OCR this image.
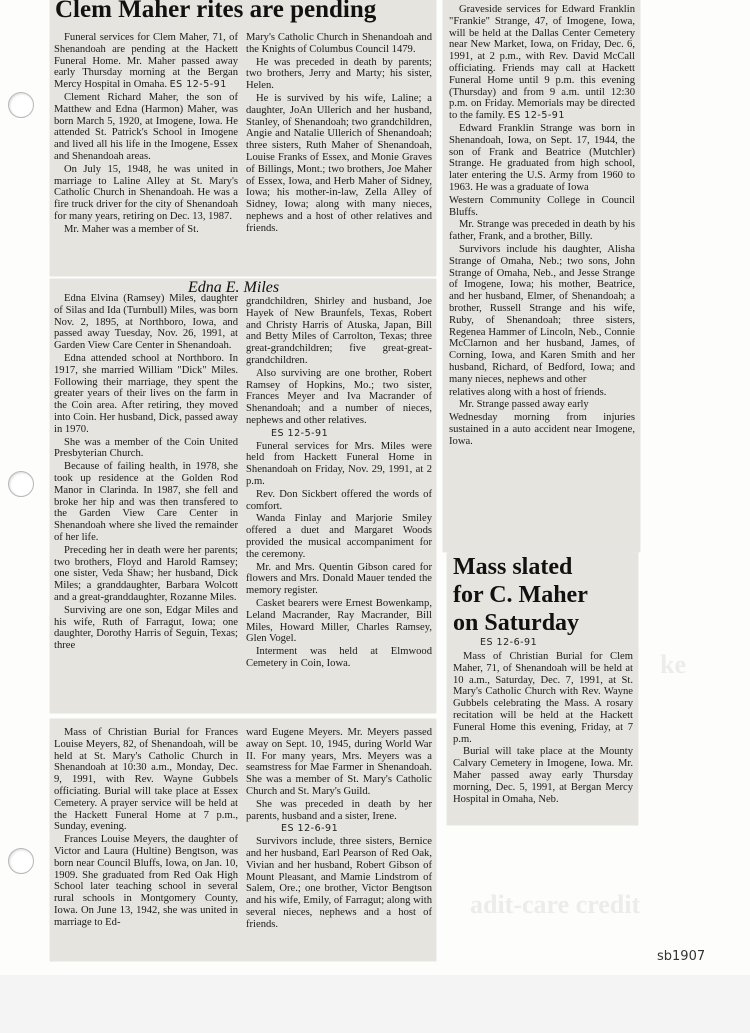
ke
adit-care credit
Clem Maher rites are pending

Funeral services for Clem Maher, 71, of Shenandoah are pending at the Hackett Funeral Home. Mr. Maher passed away early Thursday morning at the Bergan Mercy Hospital in Omaha. ES 12-5-91

Clement Richard Maher, the son of Matthew and Edna (Harmon) Maher, was born March 5, 1920, at Imogene, Iowa. He attended St. Patrick's School in Imogene and lived all his life in the Imogene, Essex and Shenandoah areas.

On July 15, 1948, he was united in marriage to Laline Alley at St. Mary's Catholic Church in Shenandoah. He was a fire truck driver for the city of Shenandoah for many years, retiring on Dec. 13, 1987.

Mr. Maher was a member of St.

Mary's Catholic Church in Shenandoah and the Knights of Columbus Council 1479.

He was preceded in death by parents; two brothers, Jerry and Marty; his sister, Helen.

He is survived by his wife, Laline; a daughter, JoAn Ullerich and her husband, Stanley, of Shenandoah; two grandchildren, Angie and Natalie Ullerich of Shenandoah; three sisters, Ruth Maher of Shenandoah, Louise Franks of Essex, and Monie Graves of Billings, Mont.; two brothers, Joe Maher of Essex, Iowa, and Herb Maher of Sidney, Iowa; his mother-in-law, Zella Alley of Sidney, Iowa; along with many nieces, nephews and a host of other relatives and friends.

Graveside services for Edward Franklin "Frankie" Strange, 47, of Imogene, Iowa, will be held at the Dallas Center Cemetery near New Market, Iowa, on Friday, Dec. 6, 1991, at 2 p.m., with Rev. David McCall officiating. Friends may call at Hackett Funeral Home until 9 p.m. this evening (Thursday) and from 9 a.m. until 12:30 p.m. on Friday. Memorials may be directed to the family. ES 12-5-91

Edward Franklin Strange was born in Shenandoah, Iowa, on Sept. 17, 1944, the son of Frank and Beatrice (Mutchler) Strange. He graduated from high school, later entering the U.S. Army from 1960 to 1963. He was a graduate of Iowa

Western Community College in Council Bluffs.

Mr. Strange was preceded in death by his father, Frank, and a brother, Billy.

Survivors include his daughter, Alisha Strange of Omaha, Neb.; two sons, John Strange of Omaha, Neb., and Jesse Strange of Imogene, Iowa; his mother, Beatrice, and her husband, Elmer, of Shenandoah; a brother, Russell Strange and his wife, Ruby, of Shenandoah; three sisters, Regenea Hammer of Lincoln, Neb., Connie McClarnon and her husband, James, of Corning, Iowa, and Karen Smith and her husband, Richard, of Bedford, Iowa; and many nieces, nephews and other

relatives along with a host of friends.

Mr. Strange passed away early

Wednesday morning from injuries sustained in a auto accident near Imogene, Iowa.

Edna E. Miles

Edna Elvina (Ramsey) Miles, daughter of Silas and Ida (Turnbull) Miles, was born Nov. 2, 1895, at Northboro, Iowa, and passed away Tuesday, Nov. 26, 1991, at Garden View Care Center in Shenandoah.

Edna attended school at Northboro. In 1917, she married William "Dick" Miles. Following their marriage, they spent the greater years of their lives on the farm in the Coin area. After retiring, they moved into Coin. Her husband, Dick, passed away in 1970.

She was a member of the Coin United Presbyterian Church.

Because of failing health, in 1978, she took up residence at the Golden Rod Manor in Clarinda. In 1987, she fell and broke her hip and was then transfered to the Garden View Care Center in Shenandoah where she lived the remainder of her life.

Preceding her in death were her parents; two brothers, Floyd and Harold Ramsey; one sister, Veda Shaw; her husband, Dick Miles; a granddaughter, Barbara Wolcott and a great-granddaughter, Rozanne Miles.

Surviving are one son, Edgar Miles and his wife, Ruth of Farragut, Iowa; one daughter, Dorothy Harris of Seguin, Texas; three

grandchildren, Shirley and husband, Joe Hayek of New Braunfels, Texas, Robert and Christy Harris of Atuska, Japan, Bill and Betty Miles of Carrolton, Texas; three great-grandchildren; five great-great-grandchildren.

Also surviving are one brother, Robert Ramsey of Hopkins, Mo.; two sister, Frances Meyer and Iva Macrander of Shenandoah; and a number of nieces, nephews and other relatives.

ES 12-5-91

Funeral services for Mrs. Miles were held from Hackett Funeral Home in Shenandoah on Friday, Nov. 29, 1991, at 2 p.m.

Rev. Don Sickbert offered the words of comfort.

Wanda Finlay and Marjorie Smiley offered a duet and Margaret Woods provided the musical accompaniment for the ceremony.

Mr. and Mrs. Quentin Gibson cared for flowers and Mrs. Donald Mauer tended the memory register.

Casket bearers were Ernest Bowenkamp, Leland Macrander, Ray Macrander, Bill Miles, Howard Miller, Charles Ramsey, Glen Vogel.

Interment was held at Elmwood Cemetery in Coin, Iowa.

Mass of Christian Burial for Frances Louise Meyers, 82, of Shenandoah, will be held at St. Mary's Catholic Church in Shenandoah at 10:30 a.m., Monday, Dec. 9, 1991, with Rev. Wayne Gubbels officiating. Burial will take place at Essex Cemetery. A prayer service will be held at the Hackett Funeral Home at 7 p.m., Sunday, evening.

Frances Louise Meyers, the daughter of Victor and Laura (Hultine) Bengtson, was born near Council Bluffs, Iowa, on Jan. 10, 1909. She graduated from Red Oak High School later teaching school in several rural schools in Montgomery County, Iowa. On June 13, 1942, she was united in marriage to Ed-

ward Eugene Meyers. Mr. Meyers passed away on Sept. 10, 1945, during World War II. For many years, Mrs. Meyers was a seamstress for Mae Farmer in Shenandoah. She was a member of St. Mary's Catholic Church and St. Mary's Guild.

She was preceded in death by her parents, husband and a sister, Irene.

ES 12-6-91

Survivors include, three sisters, Bernice and her husband, Earl Pearson of Red Oak, Vivian and her husband, Robert Gibson of Mount Pleasant, and Mamie Lindstrom of Salem, Ore.; one brother, Victor Bengtson and his wife, Emily, of Farragut; along with several nieces, nephews and a host of friends.

Mass slated
for C. Maher
on Saturday
ES 12-6-91

Mass of Christian Burial for Clem Maher, 71, of Shenandoah will be held at 10 a.m., Saturday, Dec. 7, 1991, at St. Mary's Catholic Church with Rev. Wayne Gubbels celebrating the Mass. A rosary recitation will be held at the Hackett Funeral Home this evening, Friday, at 7 p.m.

Burial will take place at the Mounty Calvary Cemetery in Imogene, Iowa. Mr. Maher passed away early Thursday morning, Dec. 5, 1991, at Bergan Mercy Hospital in Omaha, Neb.

sb1907
